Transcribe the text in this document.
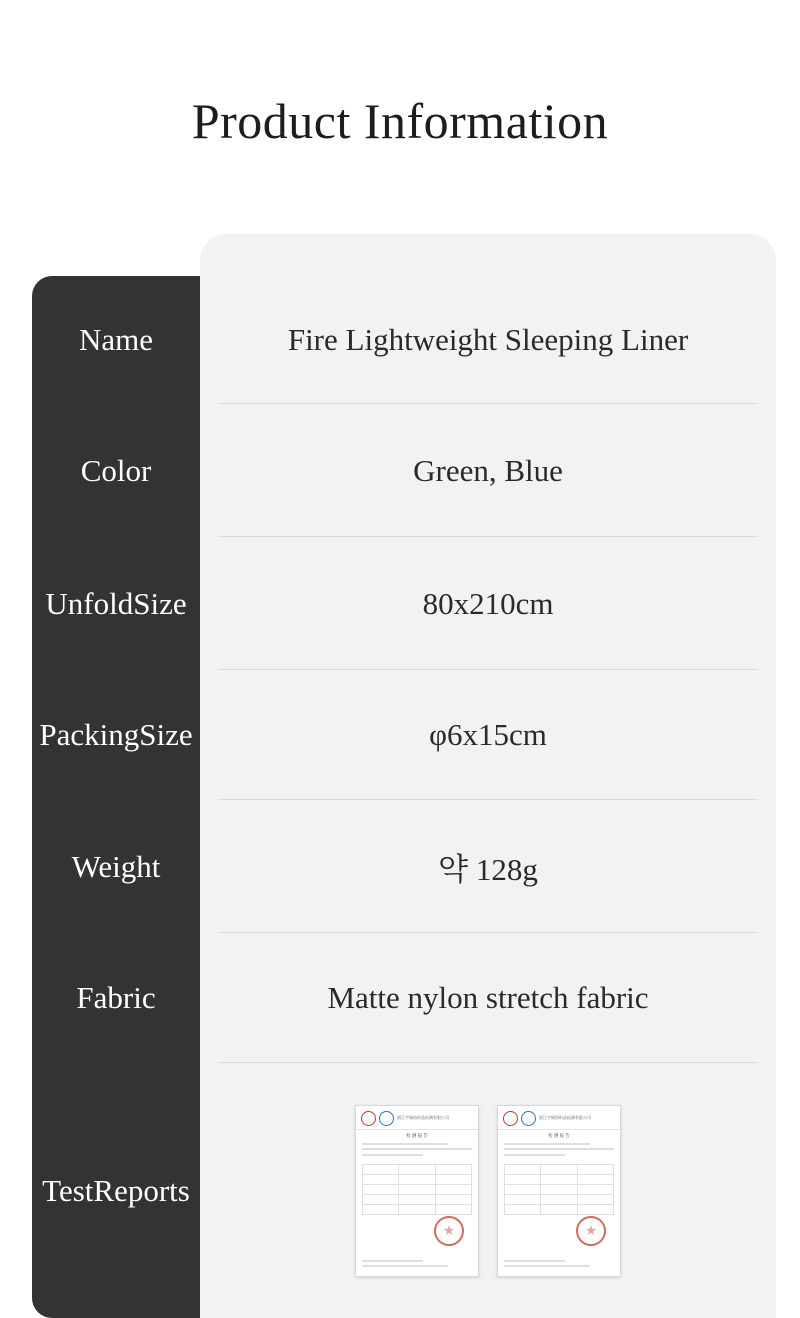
Product Information
Name	Fire Lightweight Sleeping Liner
Color	Green, Blue
Unfold Size	80x210cm
Packing Size	φ6x15cm
Weight	약 128g
Fabric	Matte nylon stretch fabric
Test Reports
浙江宇瑞纺织品检测有限公司
检 测 报 告
浙江宇瑞纺织品检测有限公司
检 测 报 告
